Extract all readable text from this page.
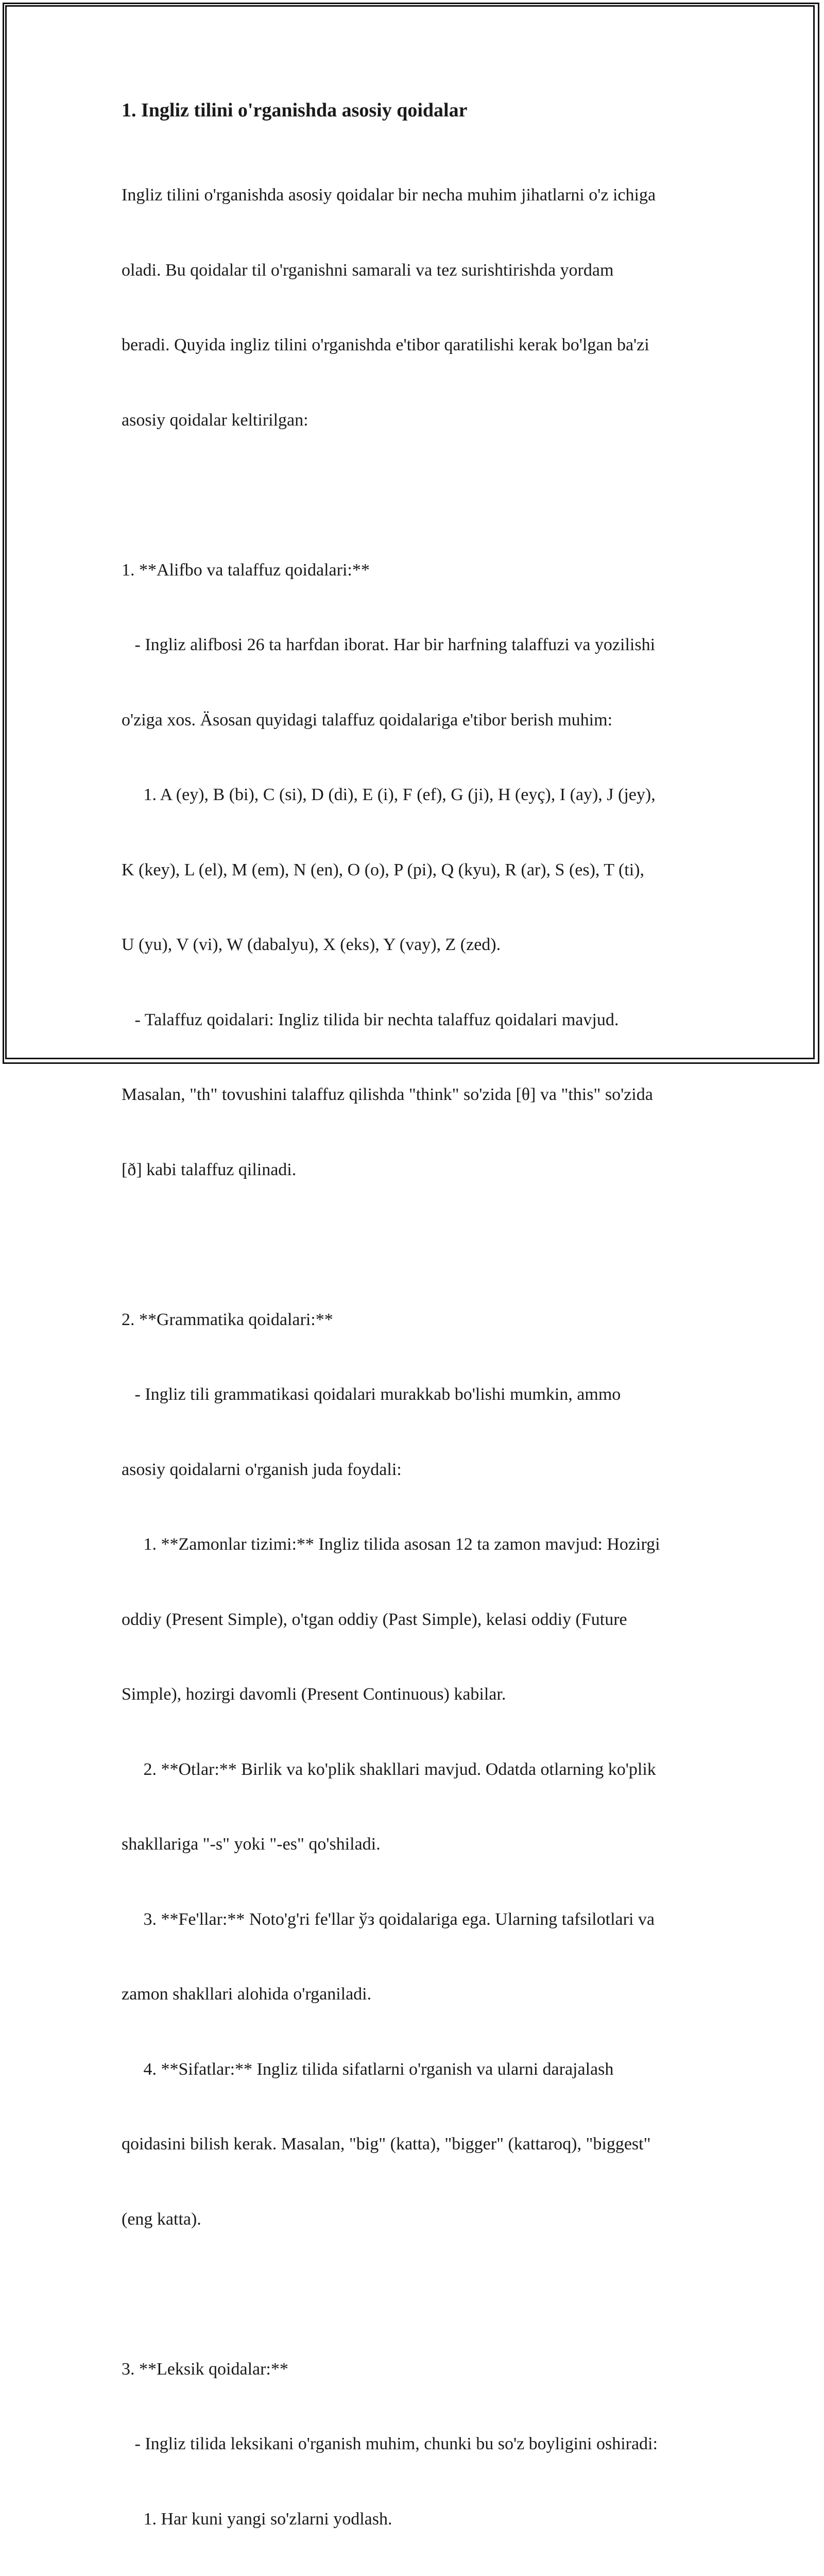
1. Ingliz tilini o'rganishda asosiy qoidalar

Ingliz tilini o'rganishda asosiy qoidalar bir necha muhim jihatlarni o'z ichiga

oladi. Bu qoidalar til o'rganishni samarali va tez surishtirishda yordam

beradi. Quyida ingliz tilini o'rganishda e'tibor qaratilishi kerak bo'lgan ba'zi

asosiy qoidalar keltirilgan:

1. **Alifbo va talaffuz qoidalari:**

- Ingliz alifbosi 26 ta harfdan iborat. Har bir harfning talaffuzi va yozilishi

o'ziga xos. Äsosan quyidagi talaffuz qoidalariga e'tibor berish muhim:

1. A (ey), B (bi), C (si), D (di), E (i), F (ef), G (ji), H (eyç), I (ay), J (jey),

K (key), L (el), M (em), N (en), O (o), P (pi), Q (kyu), R (ar), S (es), T (ti),

U (yu), V (vi), W (dabalyu), X (eks), Y (vay), Z (zed).

- Talaffuz qoidalari: Ingliz tilida bir nechta talaffuz qoidalari mavjud.

Masalan, "th" tovushini talaffuz qilishda "think" so'zida [θ] va "this" so'zida

[ð] kabi talaffuz qilinadi.

2. **Grammatika qoidalari:**

- Ingliz tili grammatikasi qoidalari murakkab bo'lishi mumkin, ammo

asosiy qoidalarni o'rganish juda foydali:

1. **Zamonlar tizimi:** Ingliz tilida asosan 12 ta zamon mavjud: Hozirgi

oddiy (Present Simple), o'tgan oddiy (Past Simple), kelasi oddiy (Future

Simple), hozirgi davomli (Present Continuous) kabilar.

2. **Otlar:** Birlik va ko'plik shakllari mavjud. Odatda otlarning ko'plik

shakllariga "-s" yoki "-es" qo'shiladi.

3. **Fe'llar:** Noto'g'ri fe'llar ўз qoidalariga ega. Ularning tafsilotlari va

zamon shakllari alohida o'rganiladi.

4. **Sifatlar:** Ingliz tilida sifatlarni o'rganish va ularni darajalash

qoidasini bilish kerak. Masalan, "big" (katta), "bigger" (kattaroq), "biggest"

(eng katta).

3. **Leksik qoidalar:**

- Ingliz tilida leksikani o'rganish muhim, chunki bu so'z boyligini oshiradi:

1. Har kuni yangi so'zlarni yodlash.
